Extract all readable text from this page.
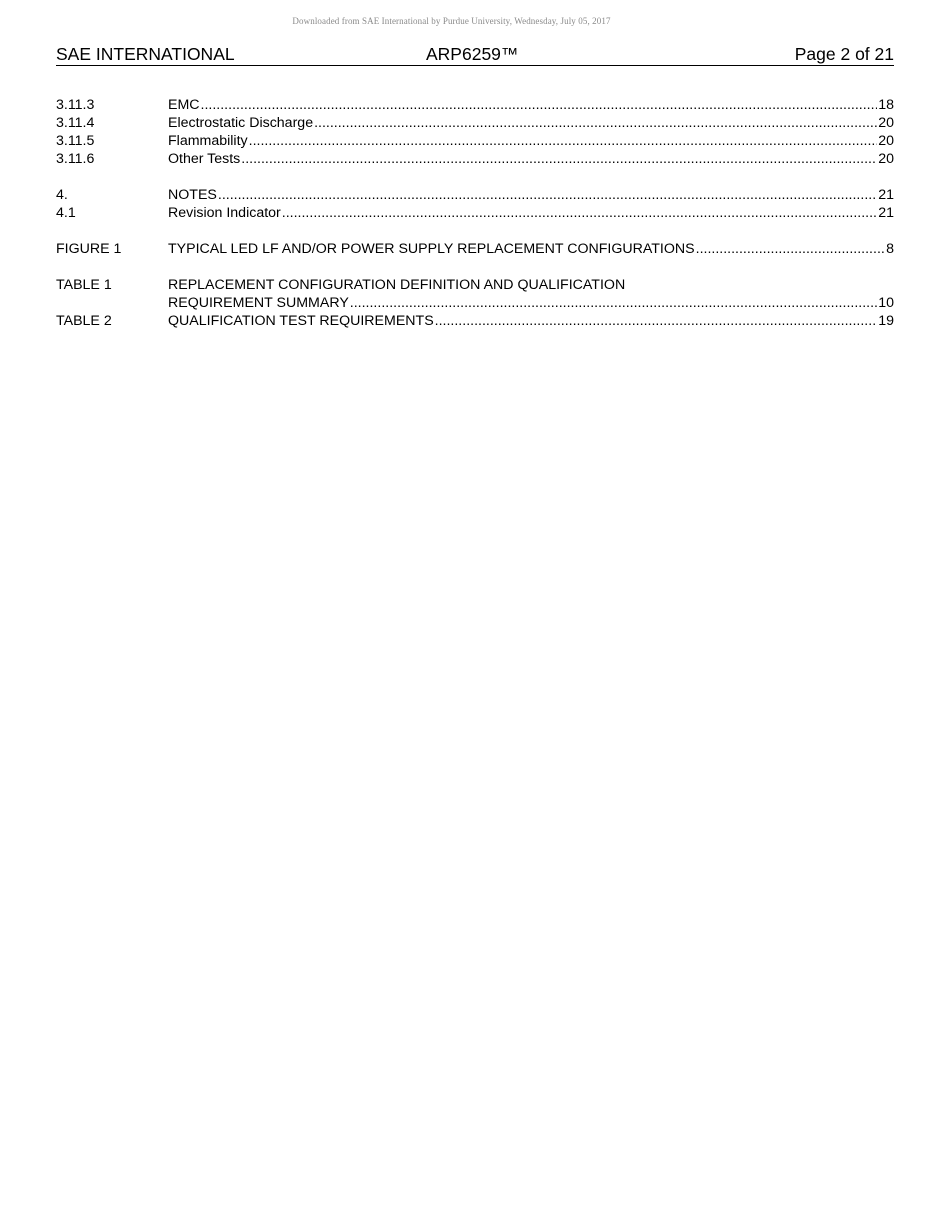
Downloaded from SAE International by Purdue University, Wednesday, July 05, 2017
SAE INTERNATIONAL	ARP6259™	Page 2 of 21
3.11.3	EMC .....	18
3.11.4	Electrostatic Discharge .....	20
3.11.5	Flammability .....	20
3.11.6	Other Tests .....	20
4.	NOTES .....	21
4.1	Revision Indicator .....	21
FIGURE 1	TYPICAL LED LF AND/OR POWER SUPPLY REPLACEMENT CONFIGURATIONS .....	8
TABLE 1	REPLACEMENT CONFIGURATION DEFINITION AND QUALIFICATION
REQUIREMENT SUMMARY .....	10
TABLE 2	QUALIFICATION TEST REQUIREMENTS .....	19
